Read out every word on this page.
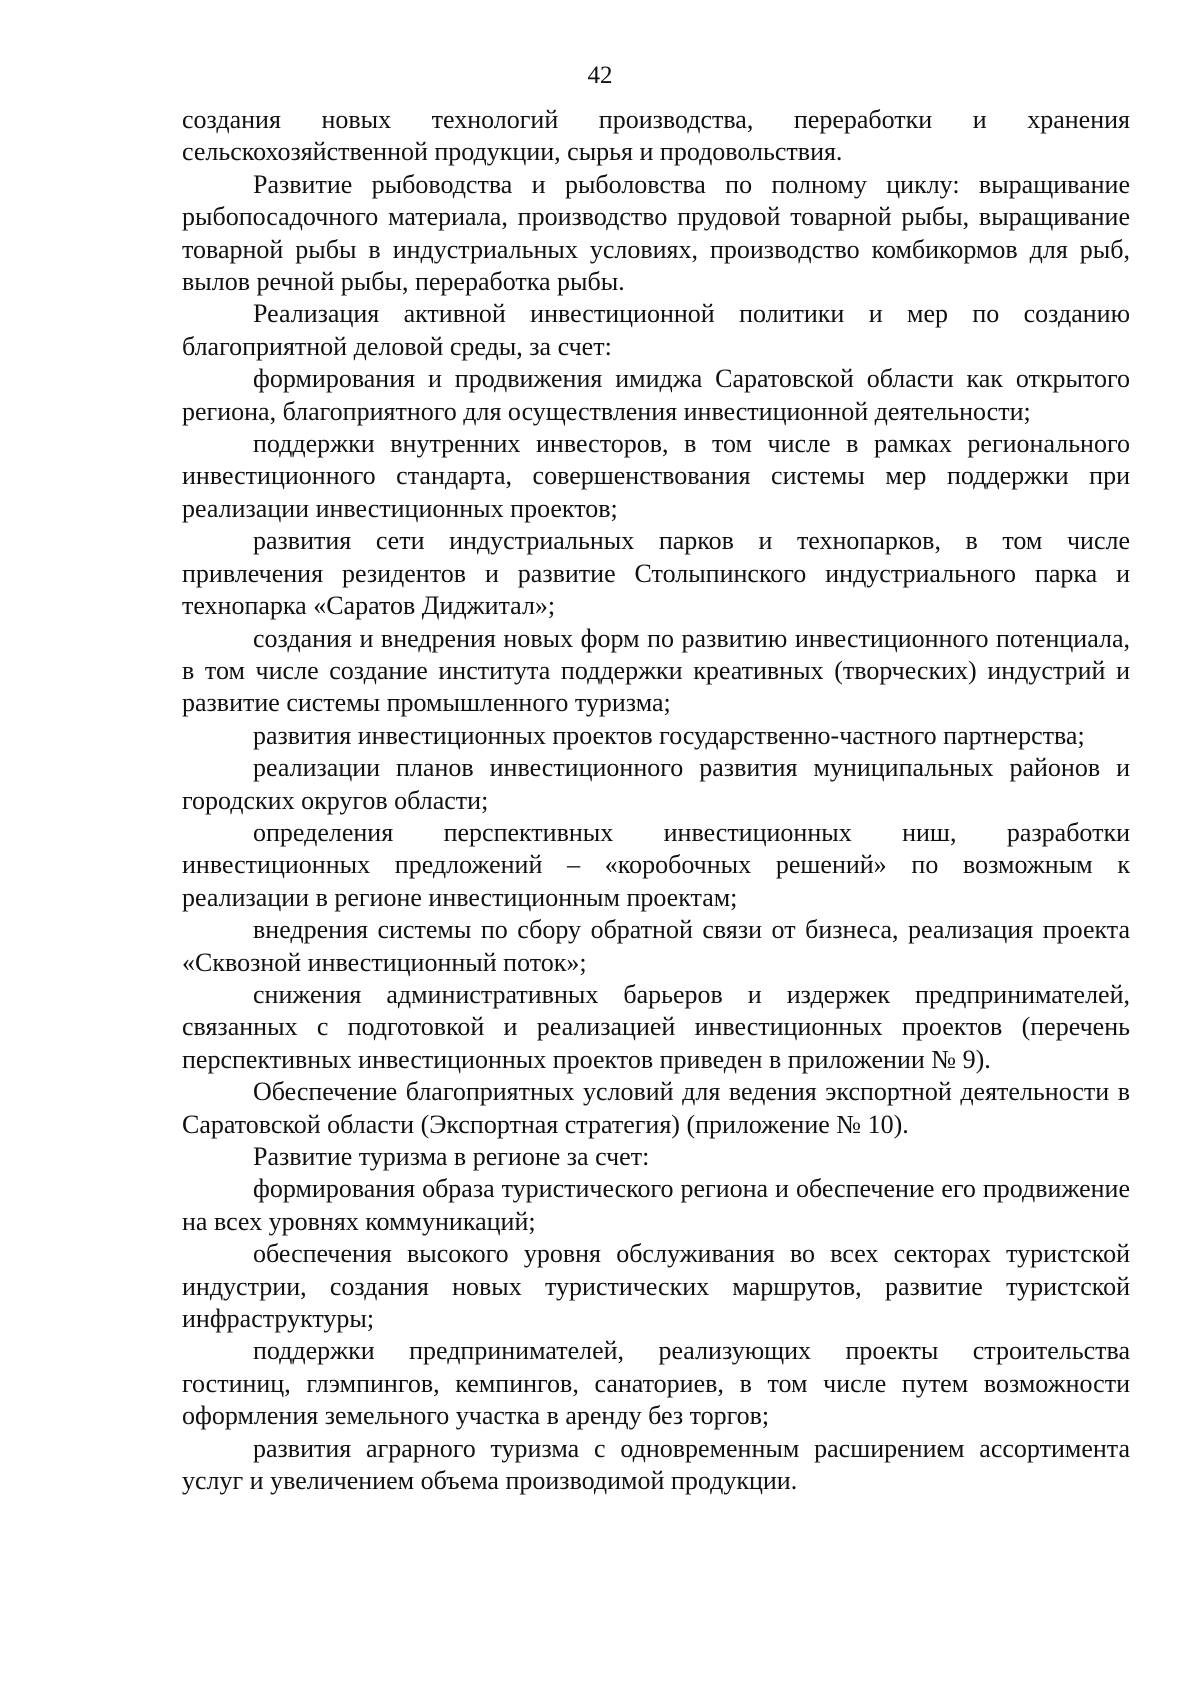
42

создания новых технологий производства, переработки и хранения сельскохозяйственной продукции, сырья и продовольствия.

Развитие рыбоводства и рыболовства по полному циклу: выращивание рыбопосадочного материала, производство прудовой товарной рыбы, выращивание товарной рыбы в индустриальных условиях, производство комбикормов для рыб, вылов речной рыбы, переработка рыбы.

Реализация активной инвестиционной политики и мер по созданию благоприятной деловой среды, за счет:

формирования и продвижения имиджа Саратовской области как открытого региона, благоприятного для осуществления инвестиционной деятельности;

поддержки внутренних инвесторов, в том числе в рамках регионального инвестиционного стандарта, совершенствования системы мер поддержки при реализации инвестиционных проектов;

развития сети индустриальных парков и технопарков, в том числе привлечения резидентов и развитие Столыпинского индустриального парка и технопарка «Саратов Диджитал»;

создания и внедрения новых форм по развитию инвестиционного потенциала, в том числе создание института поддержки креативных (творческих) индустрий и развитие системы промышленного туризма;

развития инвестиционных проектов государственно-частного партнерства;

реализации планов инвестиционного развития муниципальных районов и городских округов области;

определения перспективных инвестиционных ниш, разработки инвестиционных предложений – «коробочных решений» по возможным к реализации в регионе инвестиционным проектам;

внедрения системы по сбору обратной связи от бизнеса, реализация проекта «Сквозной инвестиционный поток»;

снижения административных барьеров и издержек предпринимателей, связанных с подготовкой и реализацией инвестиционных проектов (перечень перспективных инвестиционных проектов приведен в приложении № 9).

Обеспечение благоприятных условий для ведения экспортной деятельности в Саратовской области (Экспортная стратегия) (приложение № 10).

Развитие туризма в регионе за счет:

формирования образа туристического региона и обеспечение его продвижение на всех уровнях коммуникаций;

обеспечения высокого уровня обслуживания во всех секторах туристской индустрии, создания новых туристических маршрутов, развитие туристской инфраструктуры;

поддержки предпринимателей, реализующих проекты строительства гостиниц, глэмпингов, кемпингов, санаториев, в том числе путем возможности оформления земельного участка в аренду без торгов;

развития аграрного туризма с одновременным расширением ассортимента услуг и увеличением объема производимой продукции.
